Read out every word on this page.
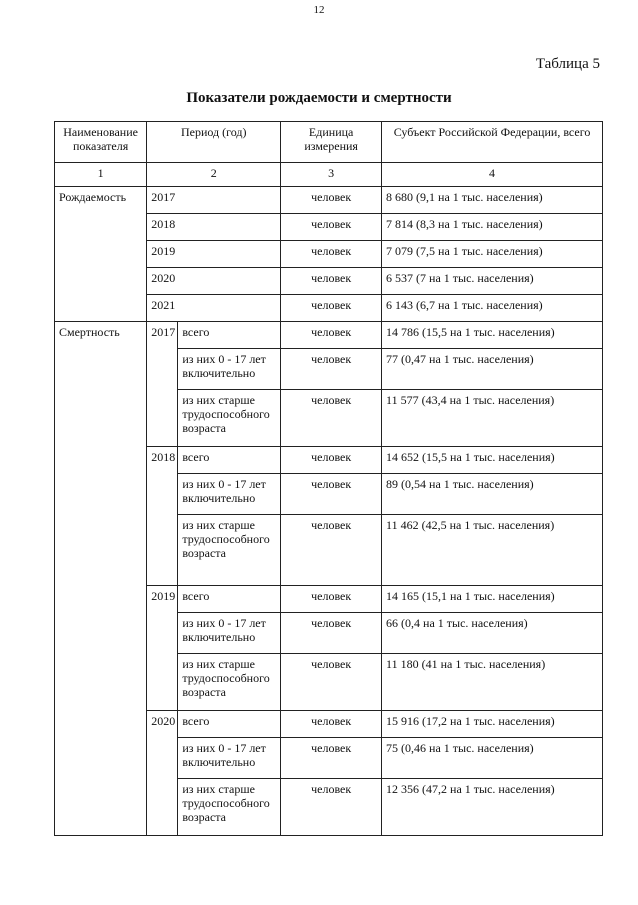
12
Таблица 5
Показатели рождаемости и смертности
Наименование показателя	Период (год)		Единица измерения	Субъект Российской Федерации, всего
1	2		3	4
Рождаемость	2017		человек	8 680 (9,1 на 1 тыс. населения)
	2018		человек	7 814 (8,3 на 1 тыс. населения)
	2019		человек	7 079 (7,5 на 1 тыс. населения)
	2020		человек	6 537 (7 на 1 тыс. населения)
	2021		человек	6 143 (6,7 на 1 тыс. населения)
Смертность	2017	всего	человек	14 786 (15,5 на 1 тыс. населения)
		из них 0 - 17 лет включительно	человек	77 (0,47 на 1 тыс. населения)
		из них старше трудоспособного возраста	человек	11 577 (43,4 на 1 тыс. населения)
	2018	всего	человек	14 652 (15,5 на 1 тыс. населения)
		из них 0 - 17 лет включительно	человек	89 (0,54 на 1 тыс. населения)
		из них старше трудоспособного возраста	человек	11 462 (42,5 на 1 тыс. населения)
	2019	всего	человек	14 165 (15,1 на 1 тыс. населения)
		из них 0 - 17 лет включительно	человек	66 (0,4 на 1 тыс. населения)
		из них старше трудоспособного возраста	человек	11 180 (41 на 1 тыс. населения)
	2020	всего	человек	15 916 (17,2 на 1 тыс. населения)
		из них 0 - 17 лет включительно	человек	75 (0,46 на 1 тыс. населения)
		из них старше трудоспособного возраста	человек	12 356 (47,2 на 1 тыс. населения)
